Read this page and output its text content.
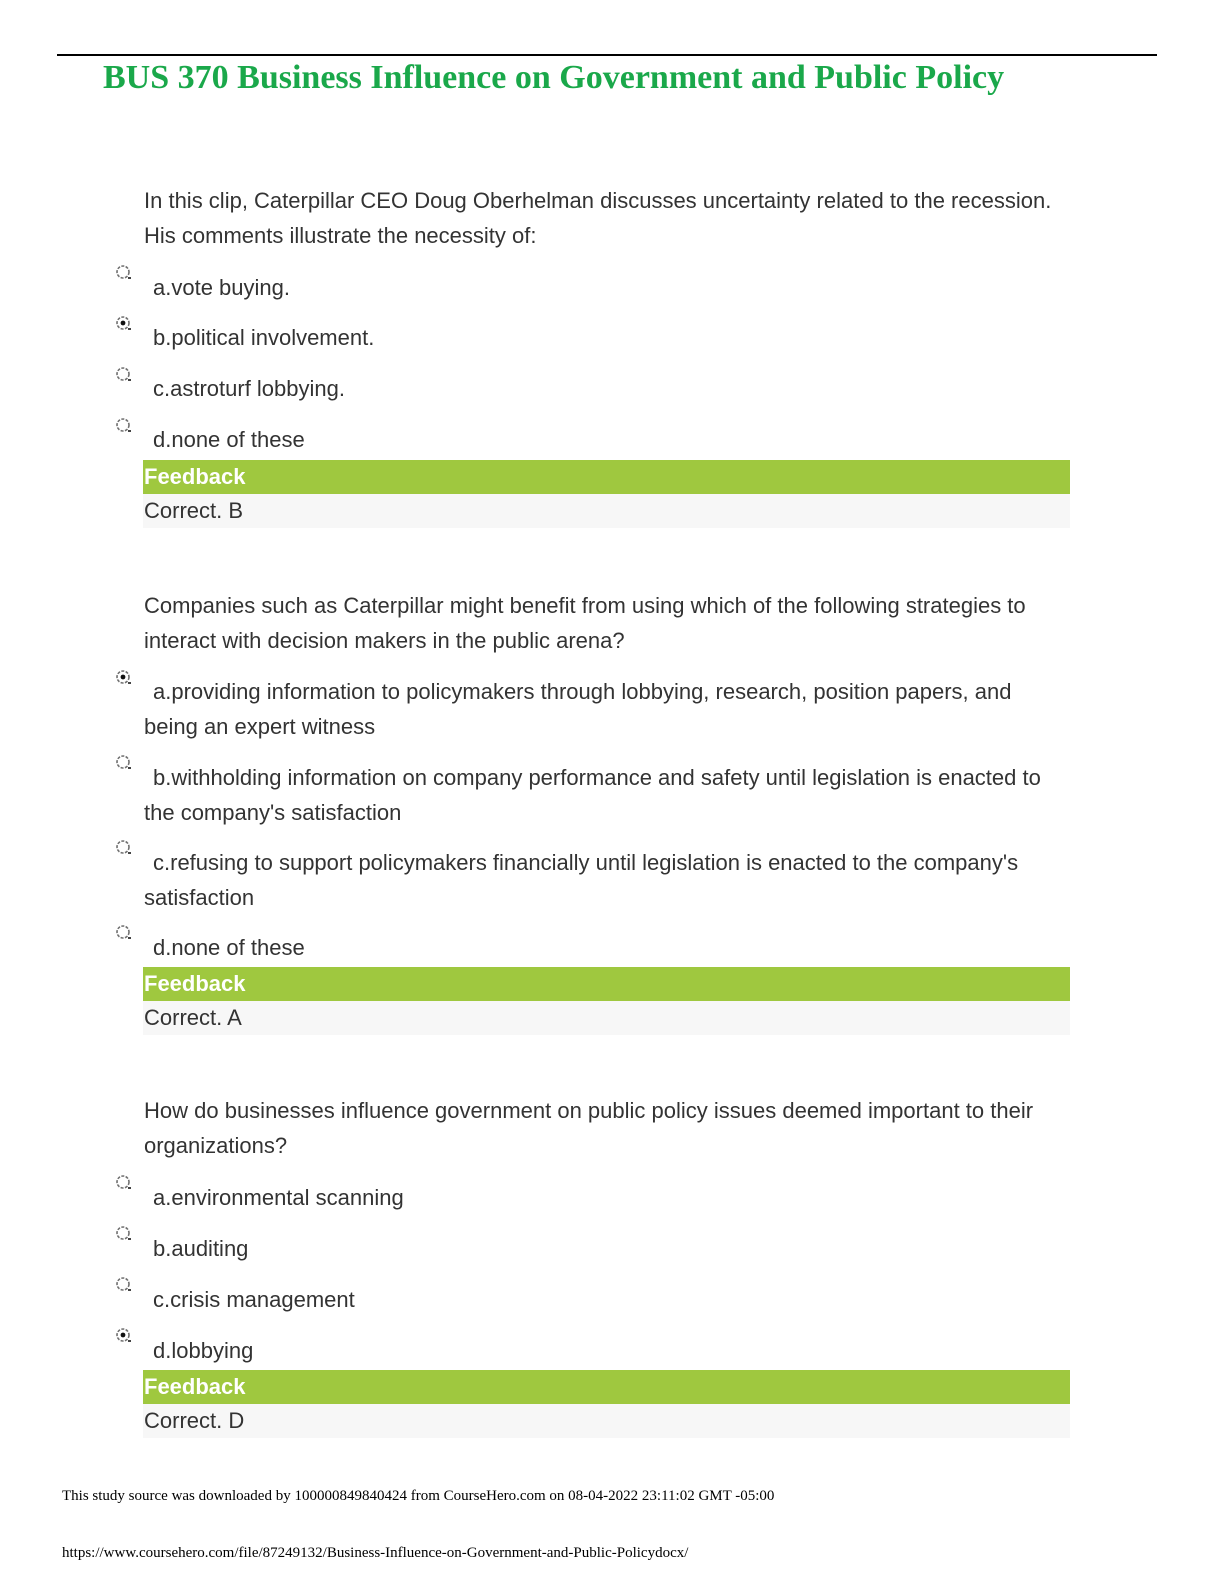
BUS 370 Business Influence on Government and Public Policy

In this clip, Caterpillar CEO Doug Oberhelman discusses uncertainty related to the recession. His comments illustrate the necessity of:

a.vote buying.

b.political involvement.

c.astroturf lobbying.

d.none of these

Feedback
Correct. B

Companies such as Caterpillar might benefit from using which of the following strategies to interact with decision makers in the public arena?

a.providing information to policymakers through lobbying, research, position papers, and being an expert witness

b.withholding information on company performance and safety until legislation is enacted to the company's satisfaction

c.refusing to support policymakers financially until legislation is enacted to the company's satisfaction

d.none of these

Feedback
Correct. A

How do businesses influence government on public policy issues deemed important to their organizations?

a.environmental scanning

b.auditing

c.crisis management

d.lobbying

Feedback
Correct. D

This study source was downloaded by 100000849840424 from CourseHero.com on 08-04-2022 23:11:02 GMT -05:00

https://www.coursehero.com/file/87249132/Business-Influence-on-Government-and-Public-Policydocx/
